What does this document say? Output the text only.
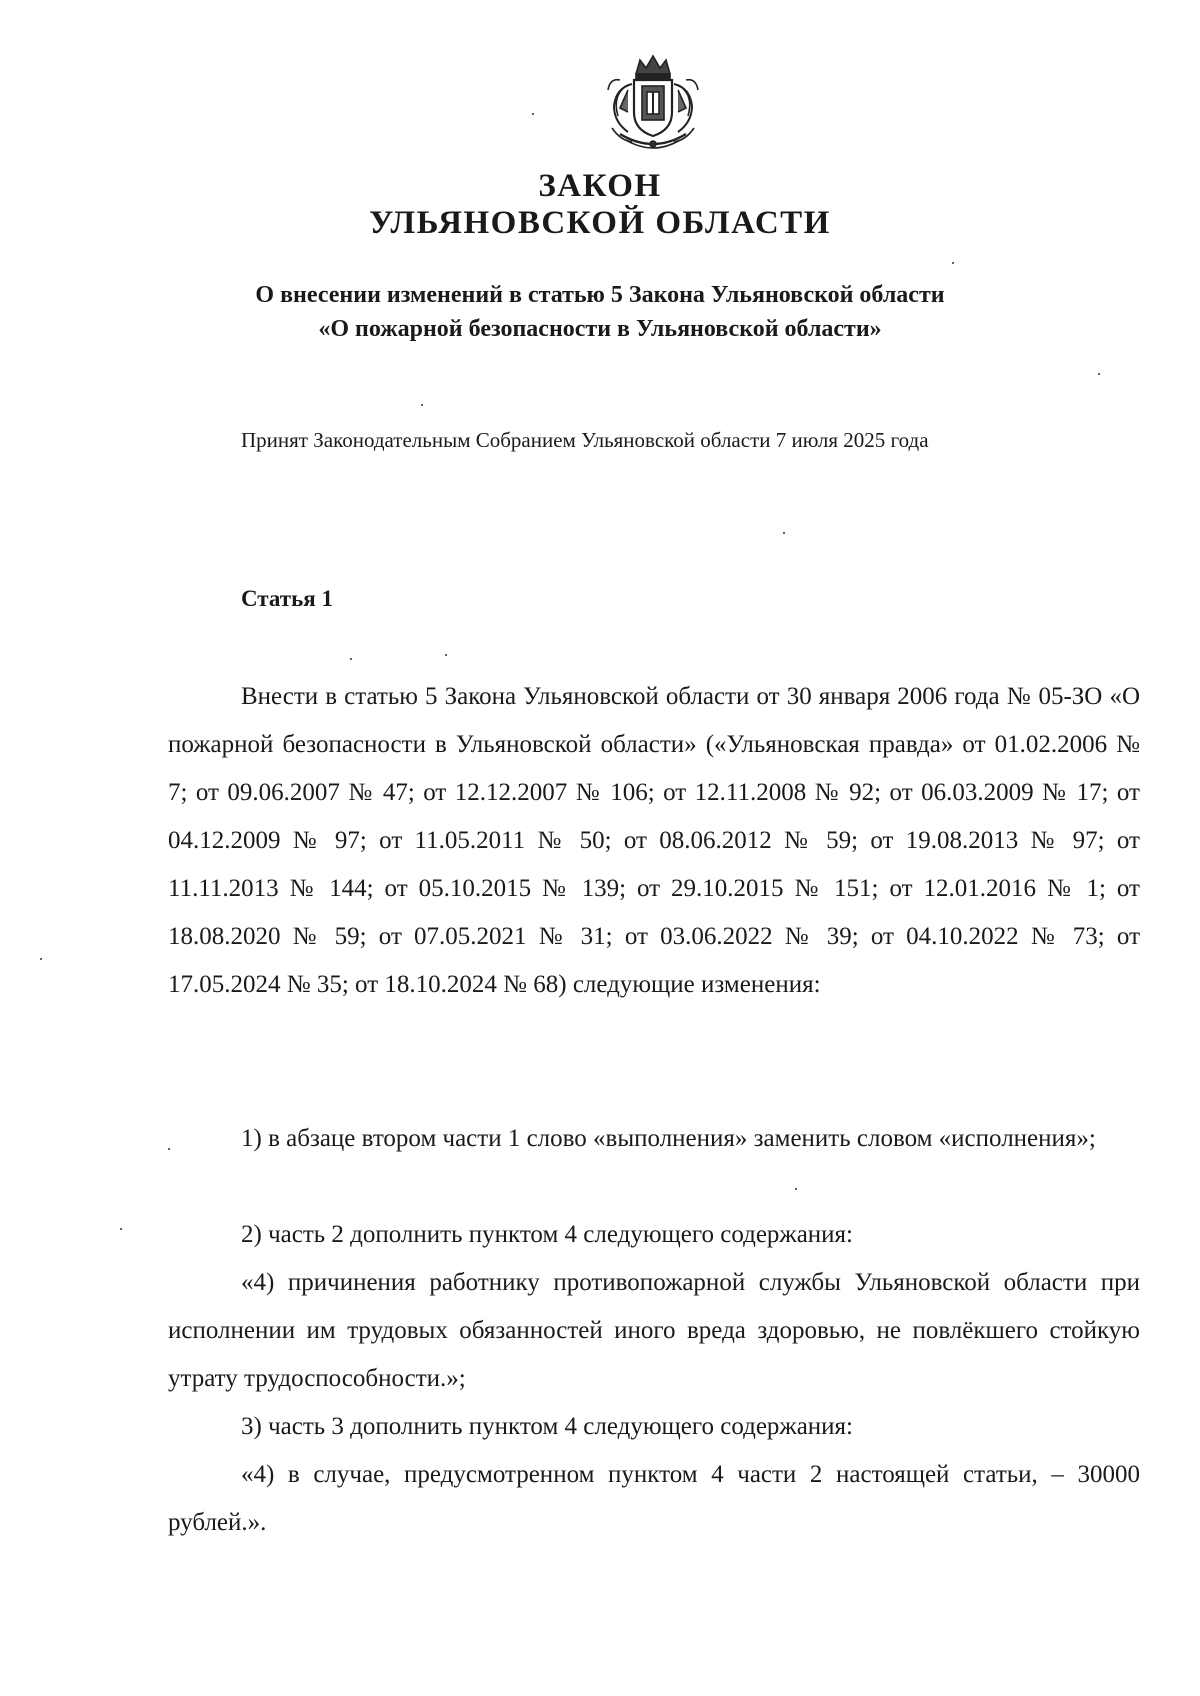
ЗАКОН
УЛЬЯНОВСКОЙ ОБЛАСТИ
О внесении изменений в статью 5 Закона Ульяновской области
«О пожарной безопасности в Ульяновской области»
Принят Законодательным Собранием Ульяновской области 7 июля 2025 года
Статья 1

Внести в статью 5 Закона Ульяновской области от 30 января 2006 года № 05-ЗО «О пожарной безопасности в Ульяновской области» («Ульяновская правда» от 01.02.2006 № 7; от 09.06.2007 № 47; от 12.12.2007 № 106; от 12.11.2008 № 92; от 06.03.2009 № 17; от 04.12.2009 № 97; от 11.05.2011 № 50; от 08.06.2012 № 59; от 19.08.2013 № 97; от 11.11.2013 № 144; от 05.10.2015 № 139; от 29.10.2015 № 151; от 12.01.2016 № 1; от 18.08.2020 № 59; от 07.05.2021 № 31; от 03.06.2022 № 39; от 04.10.2022 № 73; от 17.05.2024 № 35; от 18.10.2024 № 68) следующие изменения:

1) в абзаце втором части 1 слово «выполнения» заменить словом «исполнения»;

2) часть 2 дополнить пунктом 4 следующего содержания:

«4) причинения работнику противопожарной службы Ульяновской области при исполнении им трудовых обязанностей иного вреда здоровью, не повлёкшего стойкую утрату трудоспособности.»;

3) часть 3 дополнить пунктом 4 следующего содержания:

«4) в случае, предусмотренном пунктом 4 части 2 настоящей статьи, – 30000 рублей.».
